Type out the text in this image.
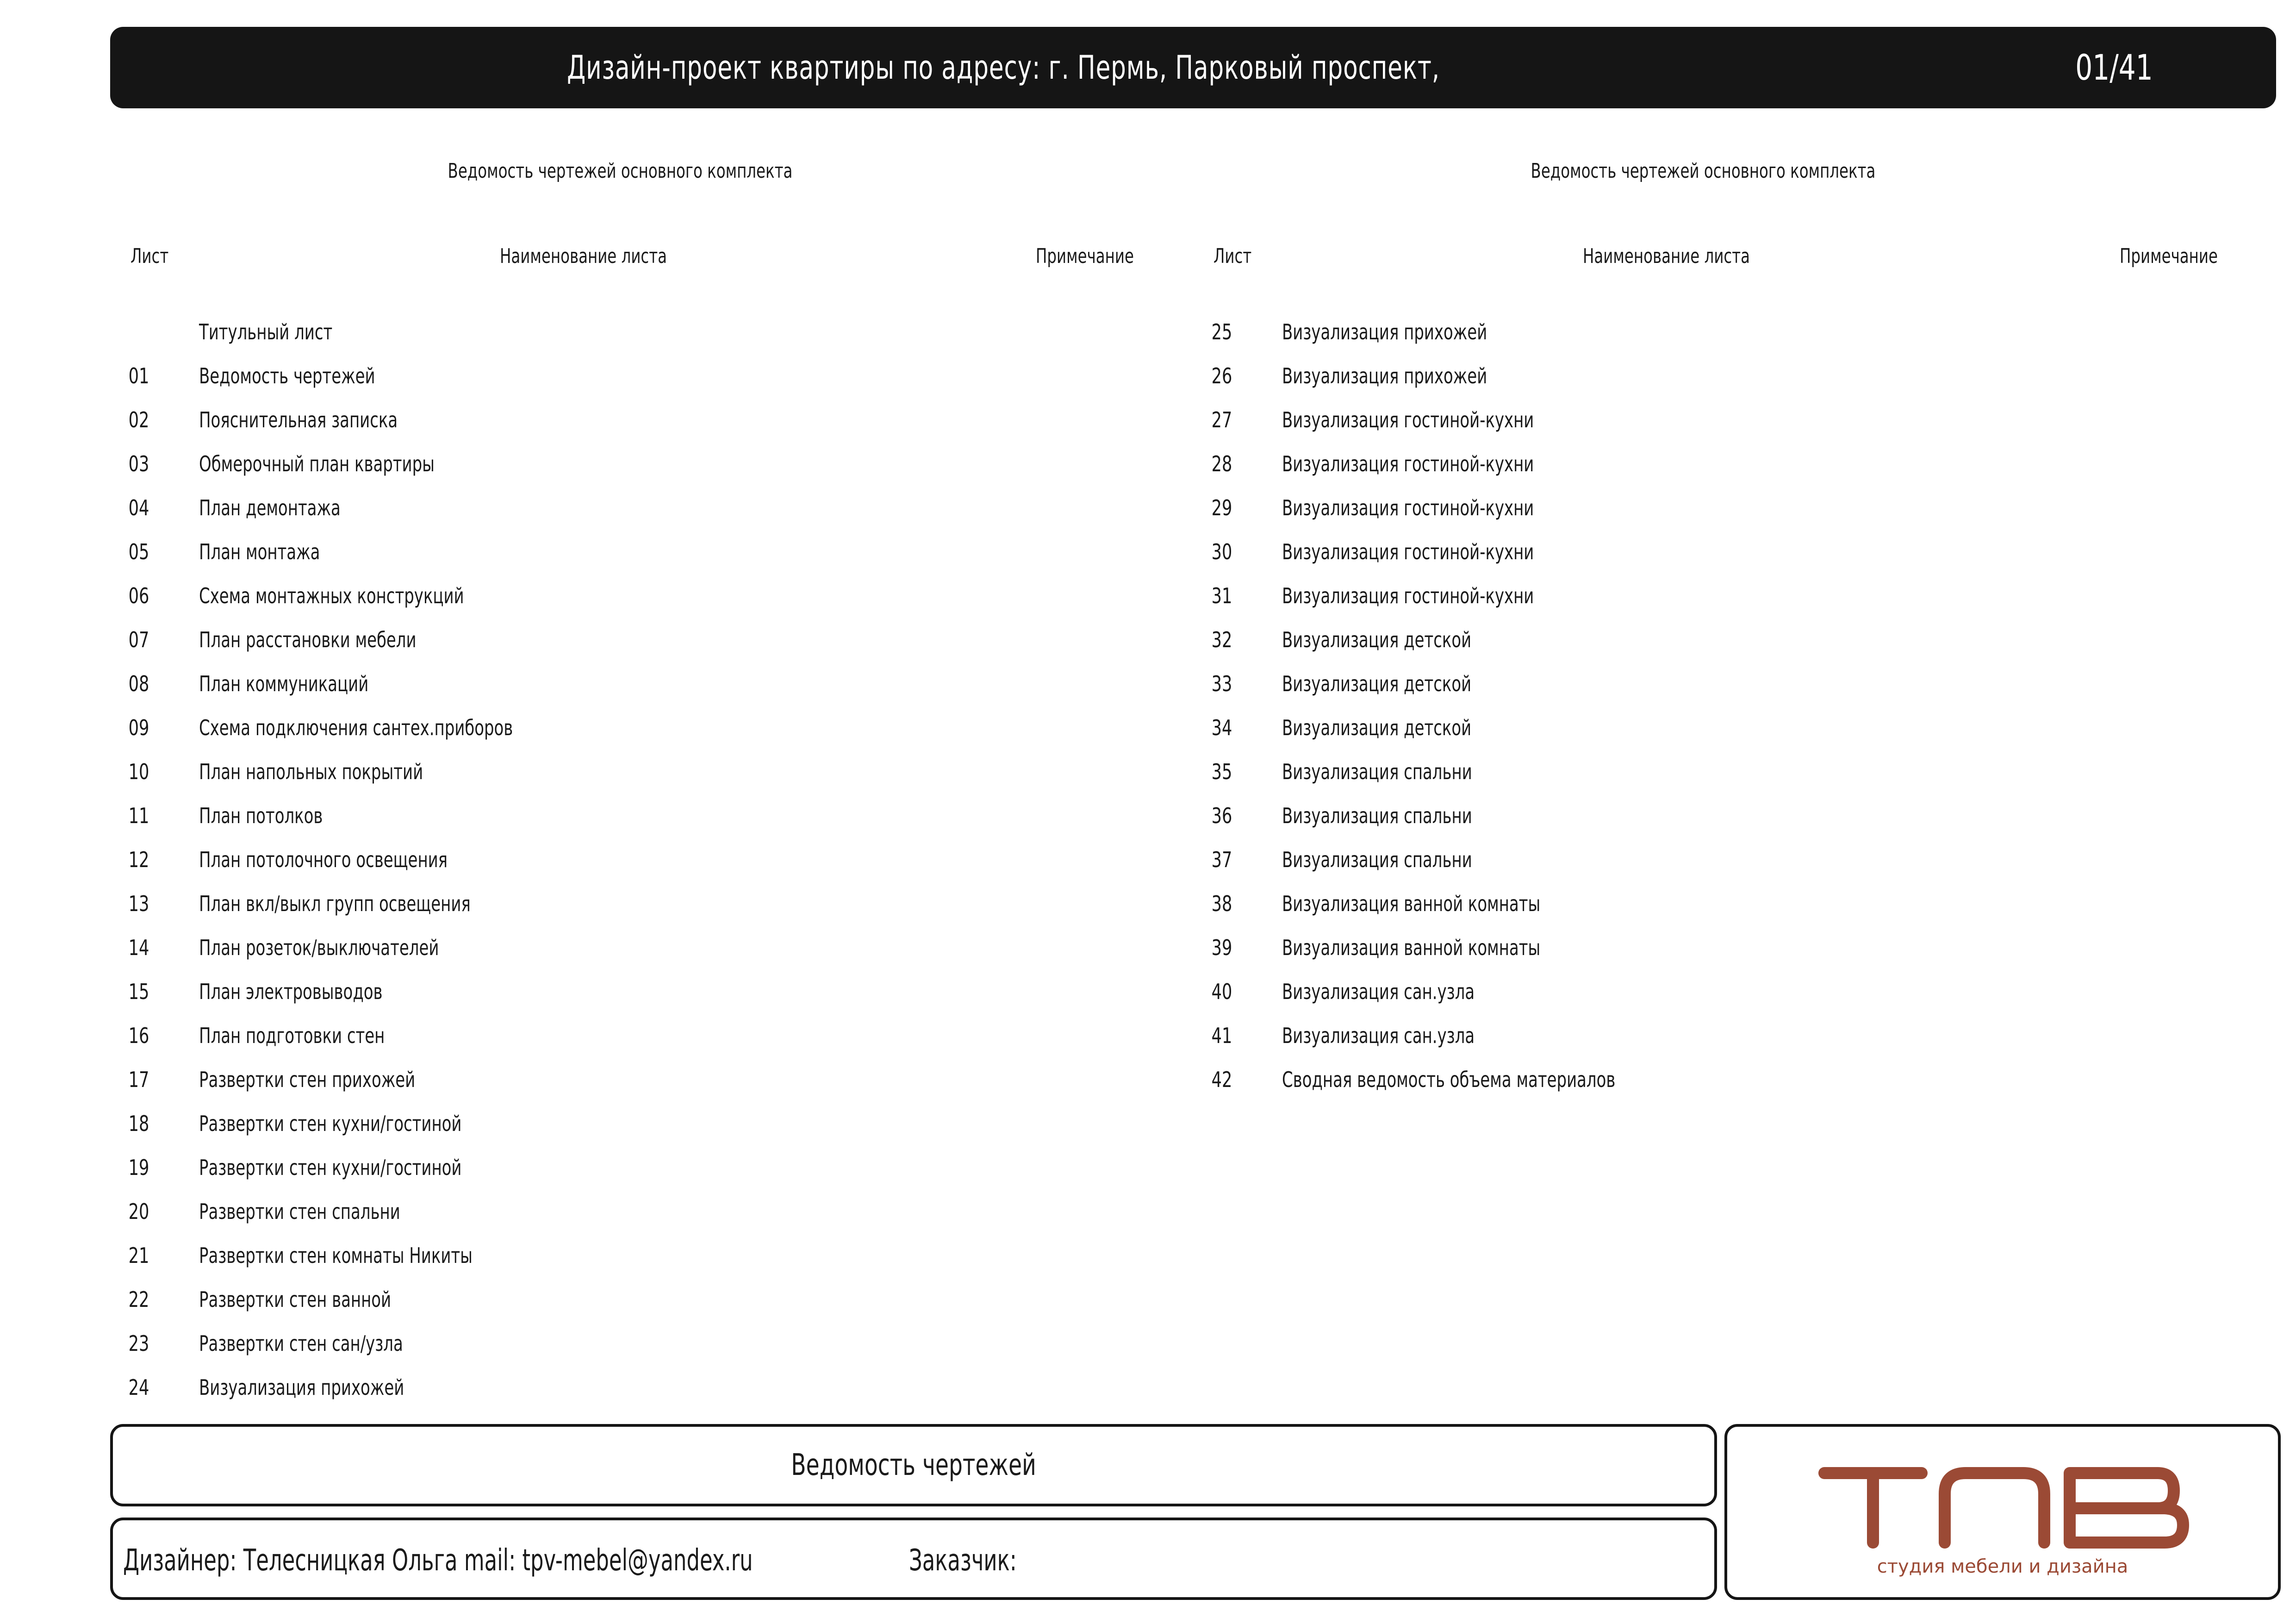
Дизайн-проект квартиры по адресу: г. Пермь, Парковый проспект,	01/41
Ведомость чертежей основного комплекта
Лист	Наименование листа	Примечание
Титульный лист
01	Ведомость чертежей
02	Пояснительная записка
03	Обмерочный план квартиры
04	План демонтажа
05	План монтажа
06	Схема монтажных конструкций
07	План расстановки мебели
08	План коммуникаций
09	Схема подключения сантех.приборов
10	План напольных покрытий
11	План потолков
12	План потолочного освещения
13	План вкл/выкл групп освещения
14	План розеток/выключателей
15	План электровыводов
16	План подготовки стен
17	Развертки стен прихожей
18	Развертки стен кухни/гостиной
19	Развертки стен кухни/гостиной
20	Развертки стен спальни
21	Развертки стен комнаты Никиты
22	Развертки стен ванной
23	Развертки стен сан/узла
24	Визуализация прихожей
Ведомость чертежей основного комплекта
Лист	Наименование листа	Примечание
25	Визуализация прихожей
26	Визуализация прихожей
27	Визуализация гостиной-кухни
28	Визуализация гостиной-кухни
29	Визуализация гостиной-кухни
30	Визуализация гостиной-кухни
31	Визуализация гостиной-кухни
32	Визуализация детской
33	Визуализация детской
34	Визуализация детской
35	Визуализация спальни
36	Визуализация спальни
37	Визуализация спальни
38	Визуализация ванной комнаты
39	Визуализация ванной комнаты
40	Визуализация сан.узла
41	Визуализация сан.узла
42	Сводная ведомость объема материалов
Ведомость чертежей
Дизайнер: Телесницкая Ольга mail: tpv-mebel@yandex.ru	Заказчик:	студия мебели и дизайна
